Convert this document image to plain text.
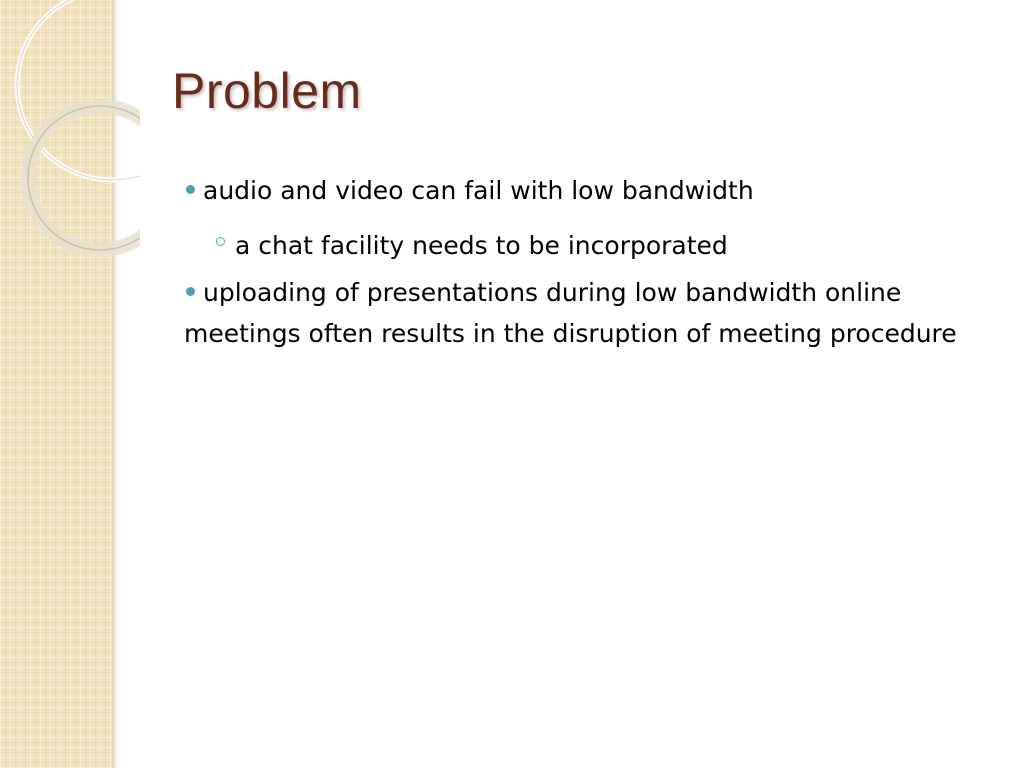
Problem

audio and video can fail with low bandwidth

a chat facility needs to be incorporated

uploading of presentations during low bandwidth online meetings often results in the disruption of meeting procedure
